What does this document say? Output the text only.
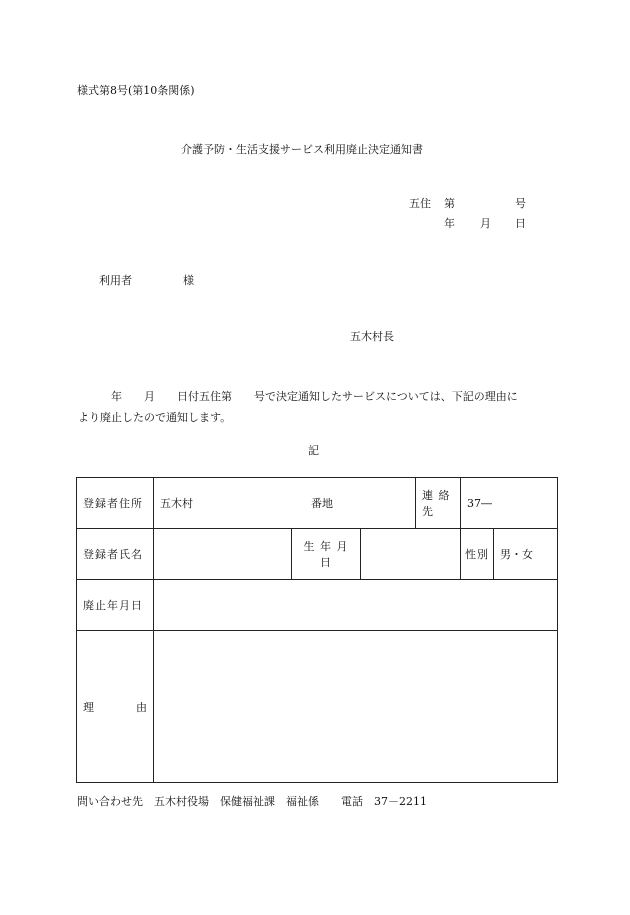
様式第8号(第10条関係)
介護予防・生活支援サービス利用廃止決定通知書
五住 第	号
年 月 日
利用者	様
五木村長
年 月 日付五住第 号で決定通知したサービスについては、下記の理由に
より廃止したので通知します。
記
登録者住所	五木村 番地			連 絡 先	37―	
登録者氏名		生 年 月 日			性 別	男・女
廃止年月日						

理 由						

問い合わせ先　五木村役場　保健福祉課　福祉係　　電話　37－2211
